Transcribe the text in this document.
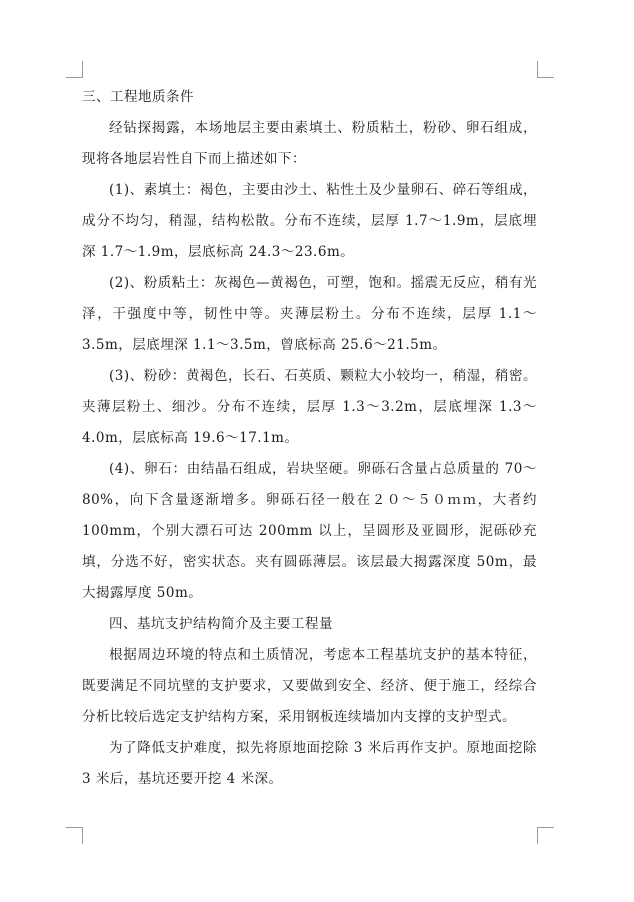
三、工程地质条件

经钻探揭露，本场地层主要由素填土、粉质粘土，粉砂、卵石组成，现将各地层岩性自下而上描述如下：

(1)、素填土：褐色，主要由沙土、粘性土及少量卵石、碎石等组成，成分不均匀，稍湿，结构松散。分布不连续，层厚 1.7～1.9m，层底埋深 1.7～1.9m，层底标高 24.3～23.6m。

(2)、粉质粘土：灰褐色—黄褐色，可塑，饱和。摇震无反应，稍有光泽，干强度中等，韧性中等。夹薄层粉土。分布不连续，层厚 1.1～3.5m，层底埋深 1.1～3.5m，曾底标高 25.6～21.5m。

(3)、粉砂：黄褐色，长石、石英质、颗粒大小较均一，稍湿，稍密。夹薄层粉土、细沙。分布不连续，层厚 1.3～3.2m，层底埋深 1.3～4.0m，层底标高 19.6～17.1m。

(4)、卵石：由结晶石组成，岩块坚硬。卵砾石含量占总质量的 70～80%，向下含量逐渐增多。卵砾石径一般在２０～５０ｍｍ，大者约 100mm，个别大漂石可达 200mm 以上，呈圆形及亚圆形，泥砾砂充填，分选不好，密实状态。夹有圆砾薄层。该层最大揭露深度 50m，最大揭露厚度 50m。

四、基坑支护结构简介及主要工程量

根据周边环境的特点和土质情况，考虑本工程基坑支护的基本特征，既要满足不同坑壁的支护要求，又要做到安全、经济、便于施工，经综合分析比较后选定支护结构方案，采用钢板连续墙加内支撑的支护型式。

为了降低支护难度，拟先将原地面挖除 3 米后再作支护。原地面挖除 3 米后，基坑还要开挖 4 米深。
